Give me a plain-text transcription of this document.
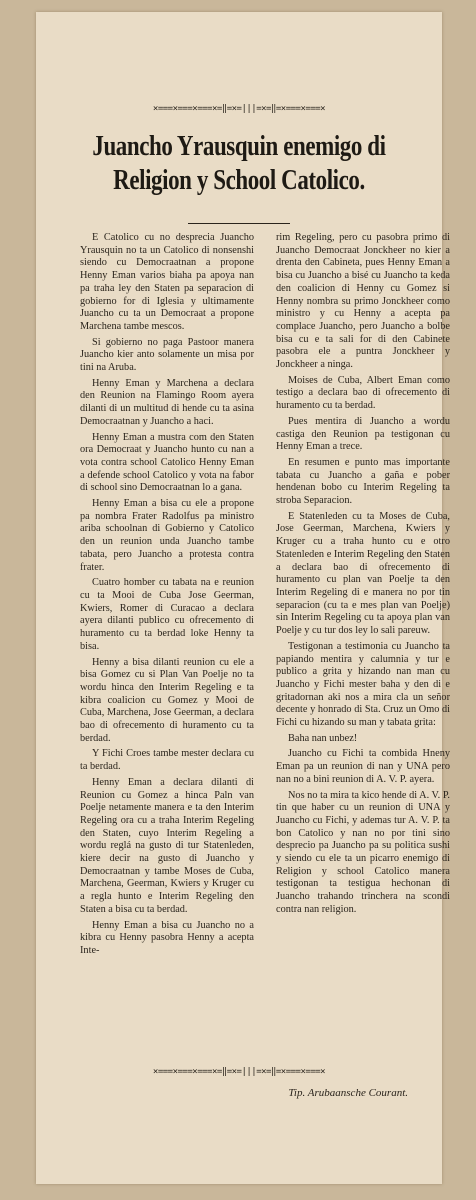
×===×===×===×=‖=×=|||=×=‖=×===×===×
Juancho Yrausquin enemigo di Religion y School Catolico.

E Catolico cu no desprecia Juancho Yrausquin no ta un Catolico di nonsenshi siendo cu Democraatnan a propone Henny Eman varios biaha pa apoya nan pa traha ley den Staten pa separacion di gobierno for di Iglesia y ultimamente Juancho cu ta un Democraat a propone Marchena tambe mescos.

Si gobierno no paga Pastoor manera Juancho kier anto solamente un misa por tini na Aruba.

Henny Eman y Marchena a declara den Reunion na Flamingo Room ayera dilanti di un multitud di hende cu ta asina Democraatnan y Juancho a haci.

Henny Eman a mustra com den Staten ora Democraat y Juancho hunto cu nan a vota contra school Catolico Henny Eman a defende school Catolico y vota na fabor di school sino Democraatnan lo a gana.

Henny Eman a bisa cu ele a propone pa nombra Frater Radolfus pa ministro ariba schoolnan di Gobierno y Catolico den un reunion unda Juancho tambe tabata, pero Juancho a protesta contra frater.

Cuatro homber cu tabata na e reunion cu ta Mooi de Cuba Jose Geerman, Kwiers, Romer di Curacao a declara ayera dilanti publico cu ofrecemento di huramento cu ta berdad loke Henny ta bisa.

Henny a bisa dilanti reunion cu ele a bisa Gomez cu si Plan Van Poelje no ta wordu hinca den Interim Regeling e ta kibra coalicion cu Gomez y Mooi de Cuba, Marchena, Jose Geerman, a declara bao di ofrecemento di huramento cu ta berdad.

Y Fichi Croes tambe mester declara cu ta berdad.

Henny Eman a declara dilanti di Reunion cu Gomez a hinca Paln van Poelje netamente manera e ta den Interim Regeling ora cu a traha Interim Regeling den Staten, cuyo Interim Regeling a wordu reglá na gusto di tur Statenleden, kiere decir na gusto di Juancho y Democraatnan y tambe Moses de Cuba, Marchena, Geerman, Kwiers y Kruger cu a regla hunto e Interim Regeling den Staten a bisa cu ta berdad.

Henny Eman a bisa cu Juancho no a kibra cu Henny pasobra Henny a acepta Inte-

rim Regeling, pero cu pasobra primo di Juancho Democraat Jonckheer no kier a drenta den Cabineta, pues Henny Eman a bisa cu Juancho a bisé cu Juancho ta keda den coalicion di Henny cu Gomez si Henny nombra su primo Jonckheer como ministro y cu Henny a acepta pa complace Juancho, pero Juancho a bolbe bisa cu e ta sali for di den Cabinete pasobra ele a puntra Jonckheer y Jonckheer a ninga.

Moises de Cuba, Albert Eman como testigo a declara bao di ofrecemento di huramento cu ta berdad.

Pues mentira di Juancho a wordu castiga den Reunion pa testigonan cu Henny Eman a trece.

En resumen e punto mas importante tabata cu Juancho a gaña e pober hendenan bobo cu Interim Regeling ta stroba Separacion.

E Statenleden cu ta Moses de Cuba, Jose Geerman, Marchena, Kwiers y Kruger cu a traha hunto cu e otro Statenleden e Interim Regeling den Staten a declara bao di ofrecemento di huramento cu plan van Poelje ta den Interim Regeling di e manera no por tin separacion (cu ta e mes plan van Poelje) sin Interim Regeling cu ta apoya plan van Poelje y cu tur dos ley lo sali pareuw.

Testigonan a testimonia cu Juancho ta papiando mentira y calumnia y tur e publico a grita y hizando nan man cu Juancho y Fichi mester baha y den di e gritadornan aki nos a mira cla un señor decente y honrado di Sta. Cruz un Omo di Fichi cu hizando su man y tabata grita:

Baha nan unbez!

Juancho cu Fichi ta combida Hneny Eman pa un reunion di nan y UNA pero nan no a bini reunion di A. V. P. ayera.

Nos no ta mira ta kico hende di A. V. P. tin que haber cu un reunion di UNA y Juancho cu Fichi, y ademas tur A. V. P. ta bon Catolico y nan no por tini sino desprecio pa Juancho pa su politica sushi y siendo cu ele ta un picarro enemigo di Religion y school Catolico manera testigonan ta testigua hechonan di Juancho trahando trinchera na scondi contra nan religion.

×===×===×===×=‖=×=|||=×=‖=×===×===×
Tip. Arubaansche Courant.
